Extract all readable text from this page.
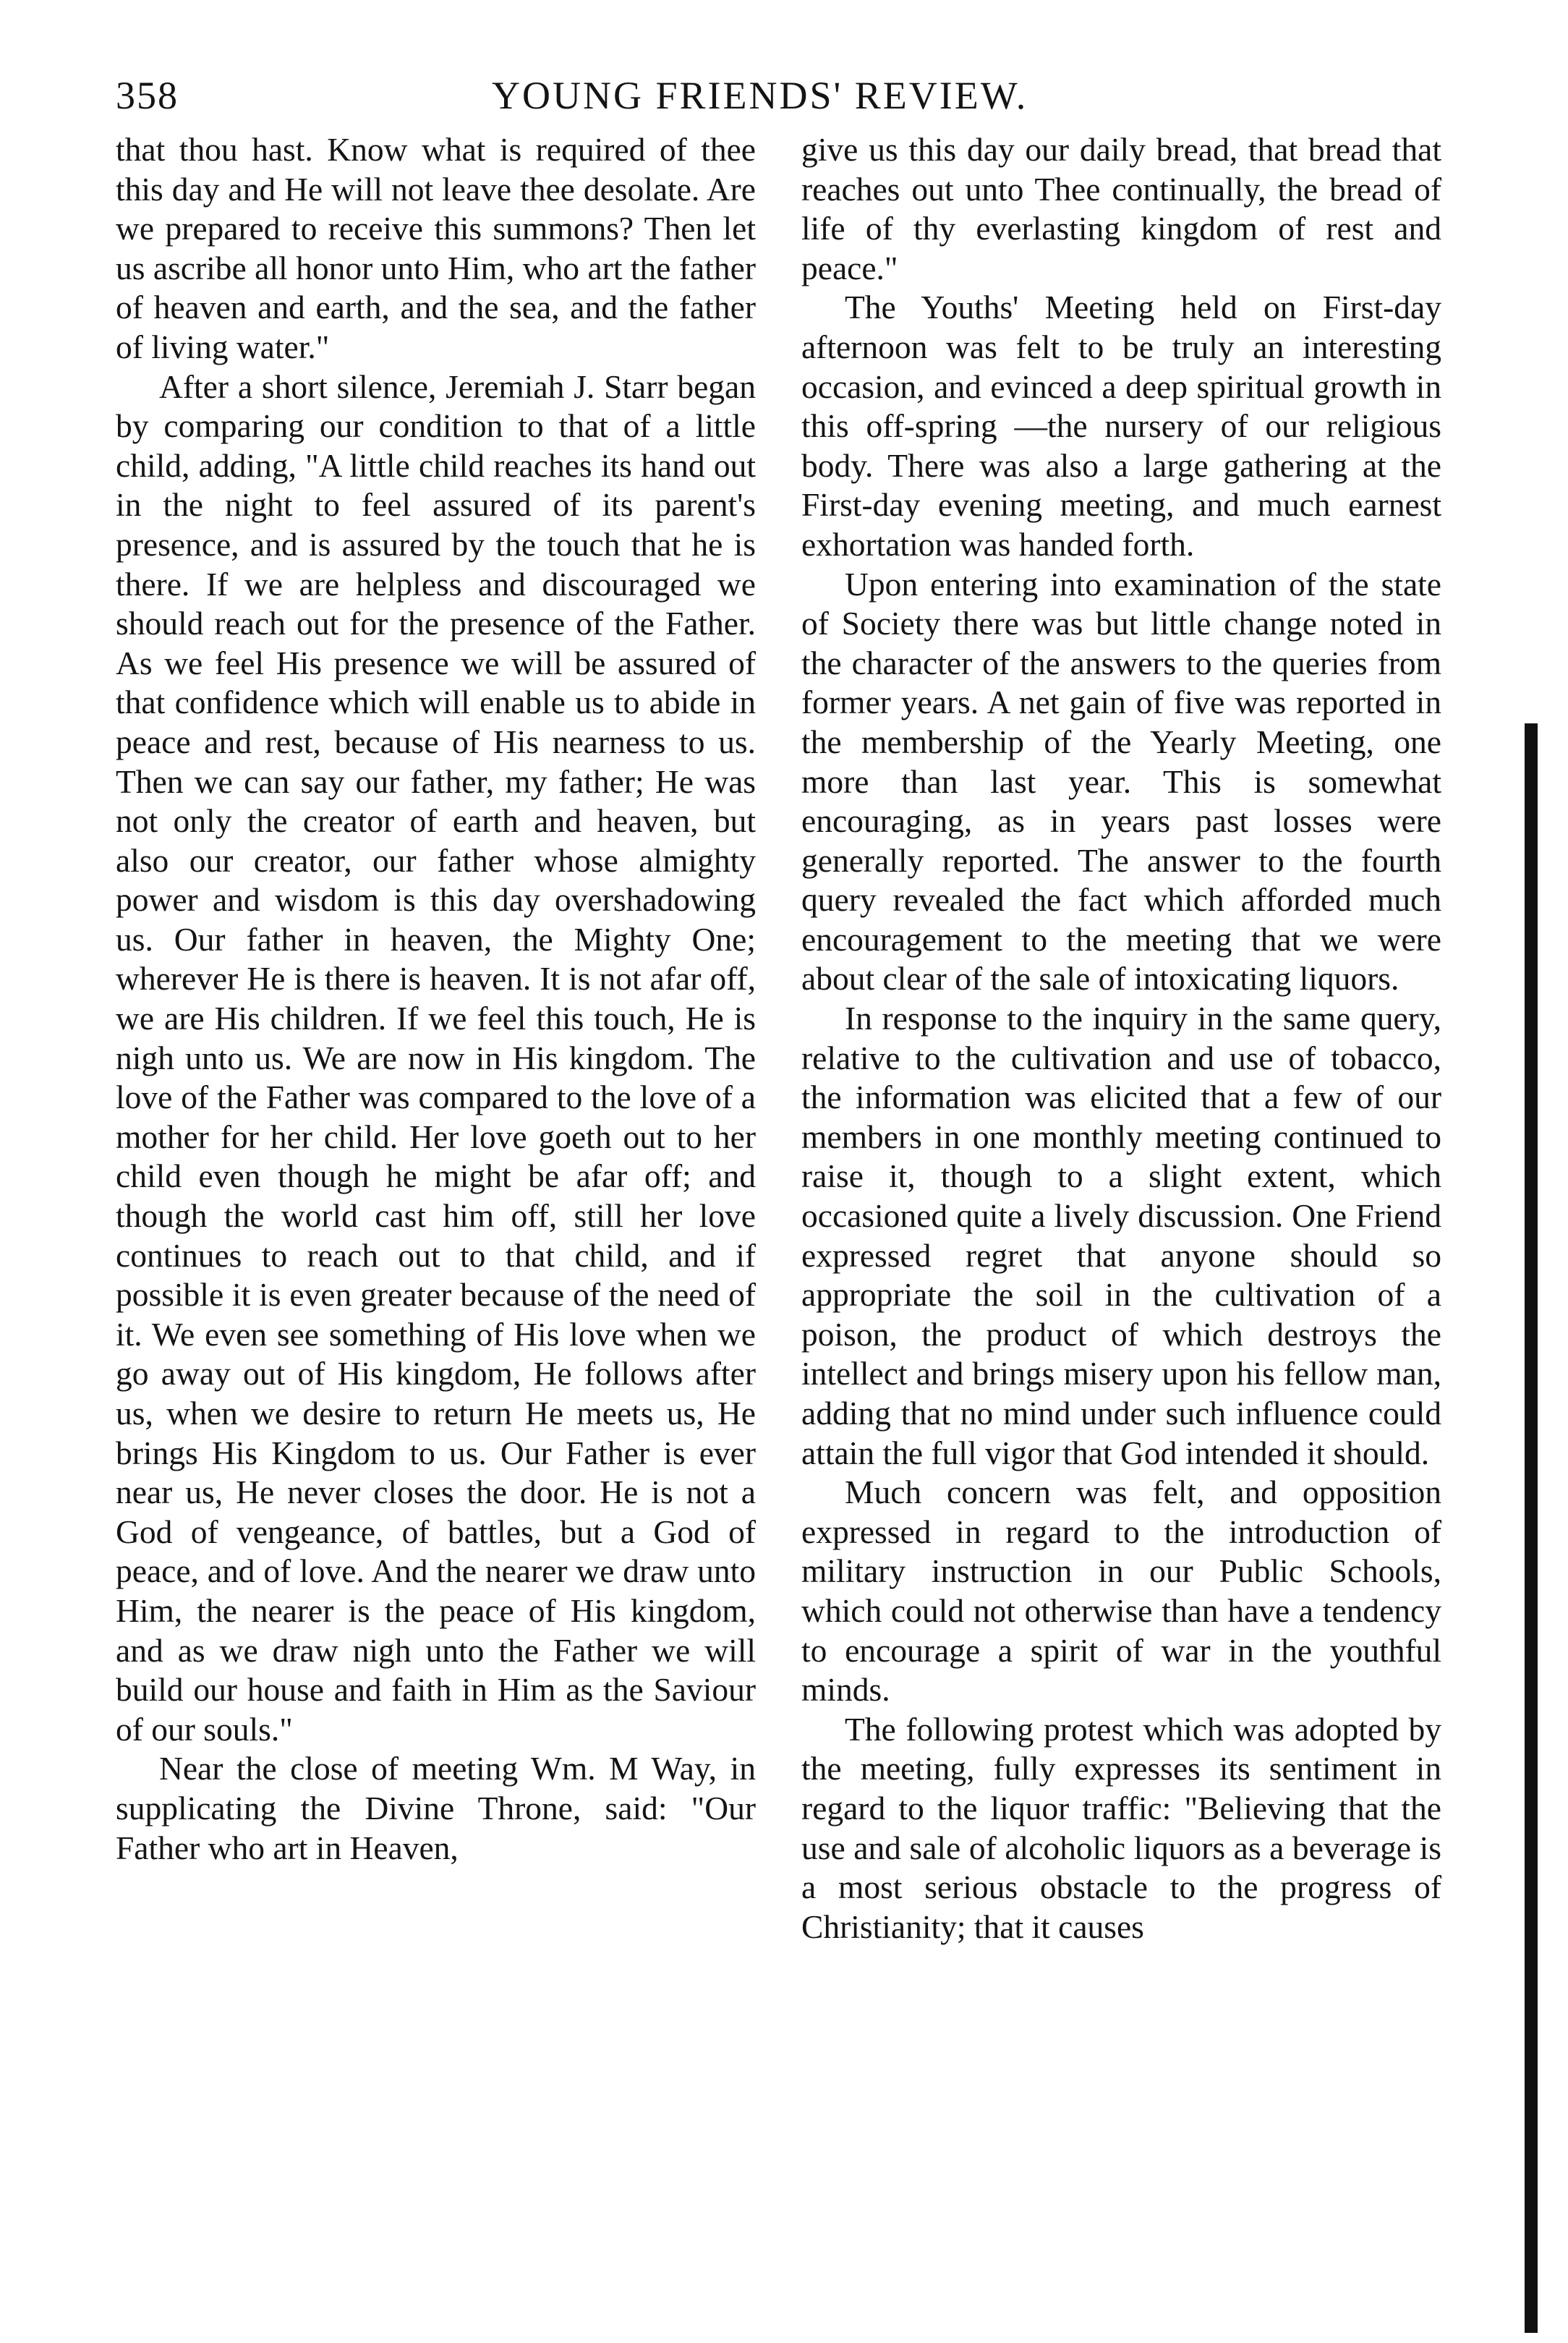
358	YOUNG FRIENDS' REVIEW.

that thou hast. Know what is required of thee this day and He will not leave thee desolate. Are we prepared to receive this summons? Then let us ascribe all honor unto Him, who art the father of heaven and earth, and the sea, and the father of living water."

After a short silence, Jeremiah J. Starr began by comparing our condition to that of a little child, adding, "A little child reaches its hand out in the night to feel assured of its parent's presence, and is assured by the touch that he is there. If we are helpless and discouraged we should reach out for the presence of the Father. As we feel His presence we will be assured of that confidence which will enable us to abide in peace and rest, because of His nearness to us. Then we can say our father, my father; He was not only the creator of earth and heaven, but also our creator, our father whose almighty power and wisdom is this day overshadowing us. Our father in heaven, the Mighty One; wherever He is there is heaven. It is not afar off, we are His children. If we feel this touch, He is nigh unto us. We are now in His kingdom. The love of the Father was compared to the love of a mother for her child. Her love goeth out to her child even though he might be afar off; and though the world cast him off, still her love continues to reach out to that child, and if possible it is even greater because of the need of it. We even see something of His love when we go away out of His kingdom, He follows after us, when we desire to return He meets us, He brings His Kingdom to us. Our Father is ever near us, He never closes the door. He is not a God of vengeance, of battles, but a God of peace, and of love. And the nearer we draw unto Him, the nearer is the peace of His kingdom, and as we draw nigh unto the Father we will build our house and faith in Him as the Saviour of our souls."

Near the close of meeting Wm. M Way, in supplicating the Divine Throne, said: "Our Father who art in Heaven,

give us this day our daily bread, that bread that reaches out unto Thee continually, the bread of life of thy everlasting kingdom of rest and peace."

The Youths' Meeting held on First-day afternoon was felt to be truly an interesting occasion, and evinced a deep spiritual growth in this off-spring —the nursery of our religious body. There was also a large gathering at the First-day evening meeting, and much earnest exhortation was handed forth.

Upon entering into examination of the state of Society there was but little change noted in the character of the answers to the queries from former years. A net gain of five was reported in the membership of the Yearly Meeting, one more than last year. This is somewhat encouraging, as in years past losses were generally reported. The answer to the fourth query revealed the fact which afforded much encouragement to the meeting that we were about clear of the sale of intoxicating liquors.

In response to the inquiry in the same query, relative to the cultivation and use of tobacco, the information was elicited that a few of our members in one monthly meeting continued to raise it, though to a slight extent, which occasioned quite a lively discussion. One Friend expressed regret that anyone should so appropriate the soil in the cultivation of a poison, the product of which destroys the intellect and brings misery upon his fellow man, adding that no mind under such influence could attain the full vigor that God intended it should.

Much concern was felt, and opposition expressed in regard to the introduction of military instruction in our Public Schools, which could not otherwise than have a tendency to encourage a spirit of war in the youthful minds.

The following protest which was adopted by the meeting, fully expresses its sentiment in regard to the liquor traffic: "Believing that the use and sale of alcoholic liquors as a beverage is a most serious obstacle to the progress of Christianity; that it causes
